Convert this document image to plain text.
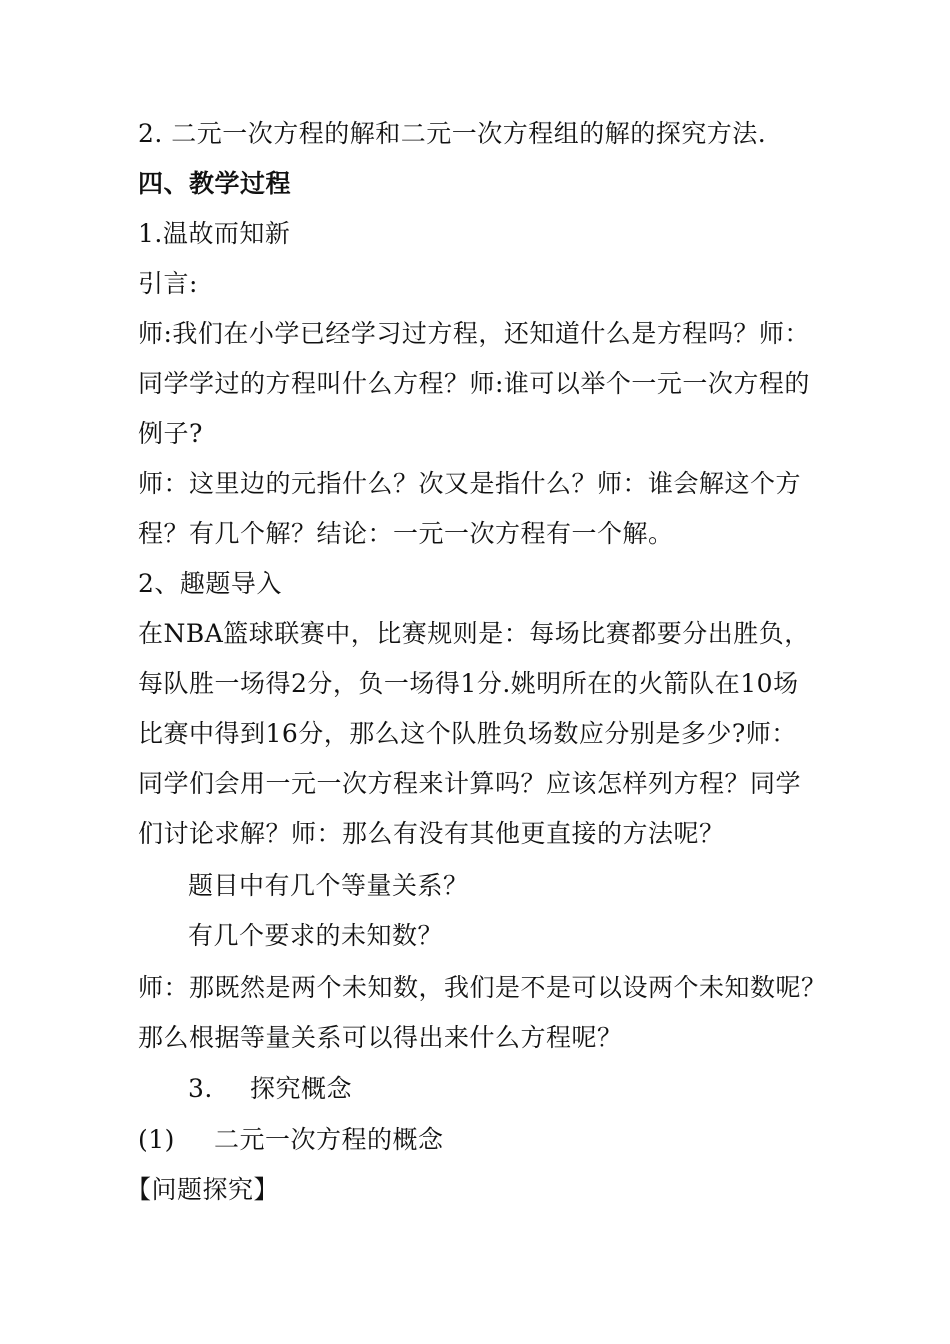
2. 二元一次方程的解和二元一次方程组的解的探究方法.
四、教学过程
1.温故而知新
引言:
师:我们在小学已经学习过方程，还知道什么是方程吗？师：
同学学过的方程叫什么方程？师:谁可以举个一元一次方程的
例子?
师：这里边的元指什么？次又是指什么？师：谁会解这个方
程？有几个解？结论：一元一次方程有一个解。
2、趣题导入
在NBA篮球联赛中，比赛规则是：每场比赛都要分出胜负，
每队胜一场得2分，负一场得1分.姚明所在的火箭队在10场
比赛中得到16分，那么这个队胜负场数应分别是多少?师：
同学们会用一元一次方程来计算吗？应该怎样列方程？同学
们讨论求解？师：那么有没有其他更直接的方法呢？
题目中有几个等量关系？
有几个要求的未知数？
师：那既然是两个未知数，我们是不是可以设两个未知数呢？
那么根据等量关系可以得出来什么方程呢？
3. 探究概念
(1) 二元一次方程的概念
【问题探究】
